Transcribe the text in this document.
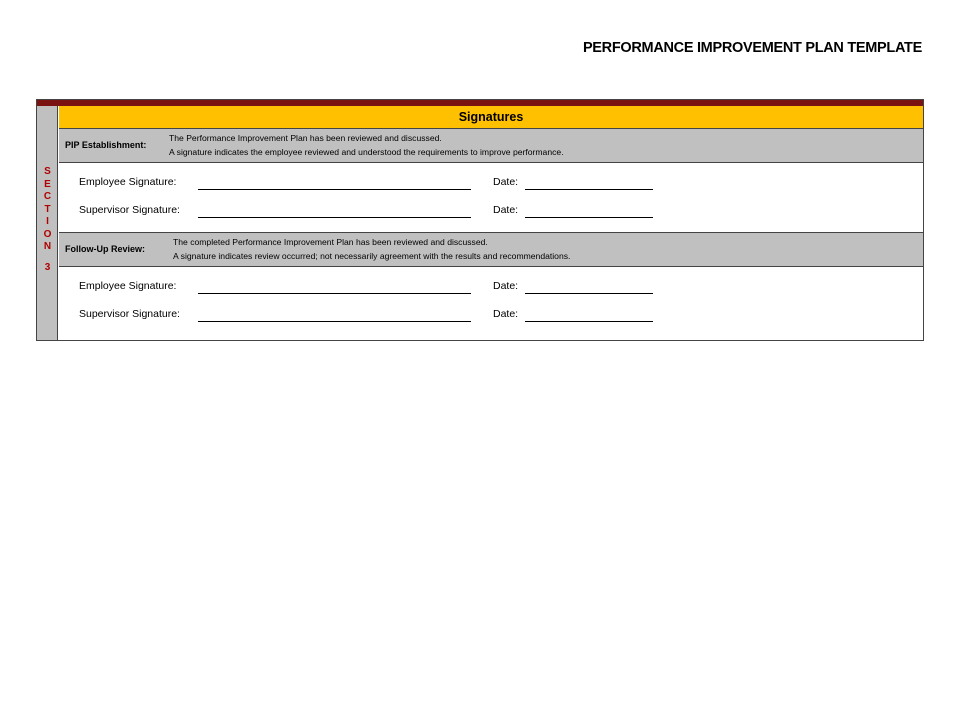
PERFORMANCE IMPROVEMENT PLAN TEMPLATE
S
E
C
T
I
O
N
3
Signatures
PIP Establishment:
The Performance Improvement Plan has been reviewed and discussed.
A signature indicates the employee reviewed and understood the requirements to improve performance.
Employee Signature:	Date:
Supervisor Signature:	Date:
Follow-Up Review:
The completed Performance Improvement Plan has been reviewed and discussed.
A signature indicates review occurred; not necessarily agreement with the results and recommendations.
Employee Signature:	Date:
Supervisor Signature:	Date:
